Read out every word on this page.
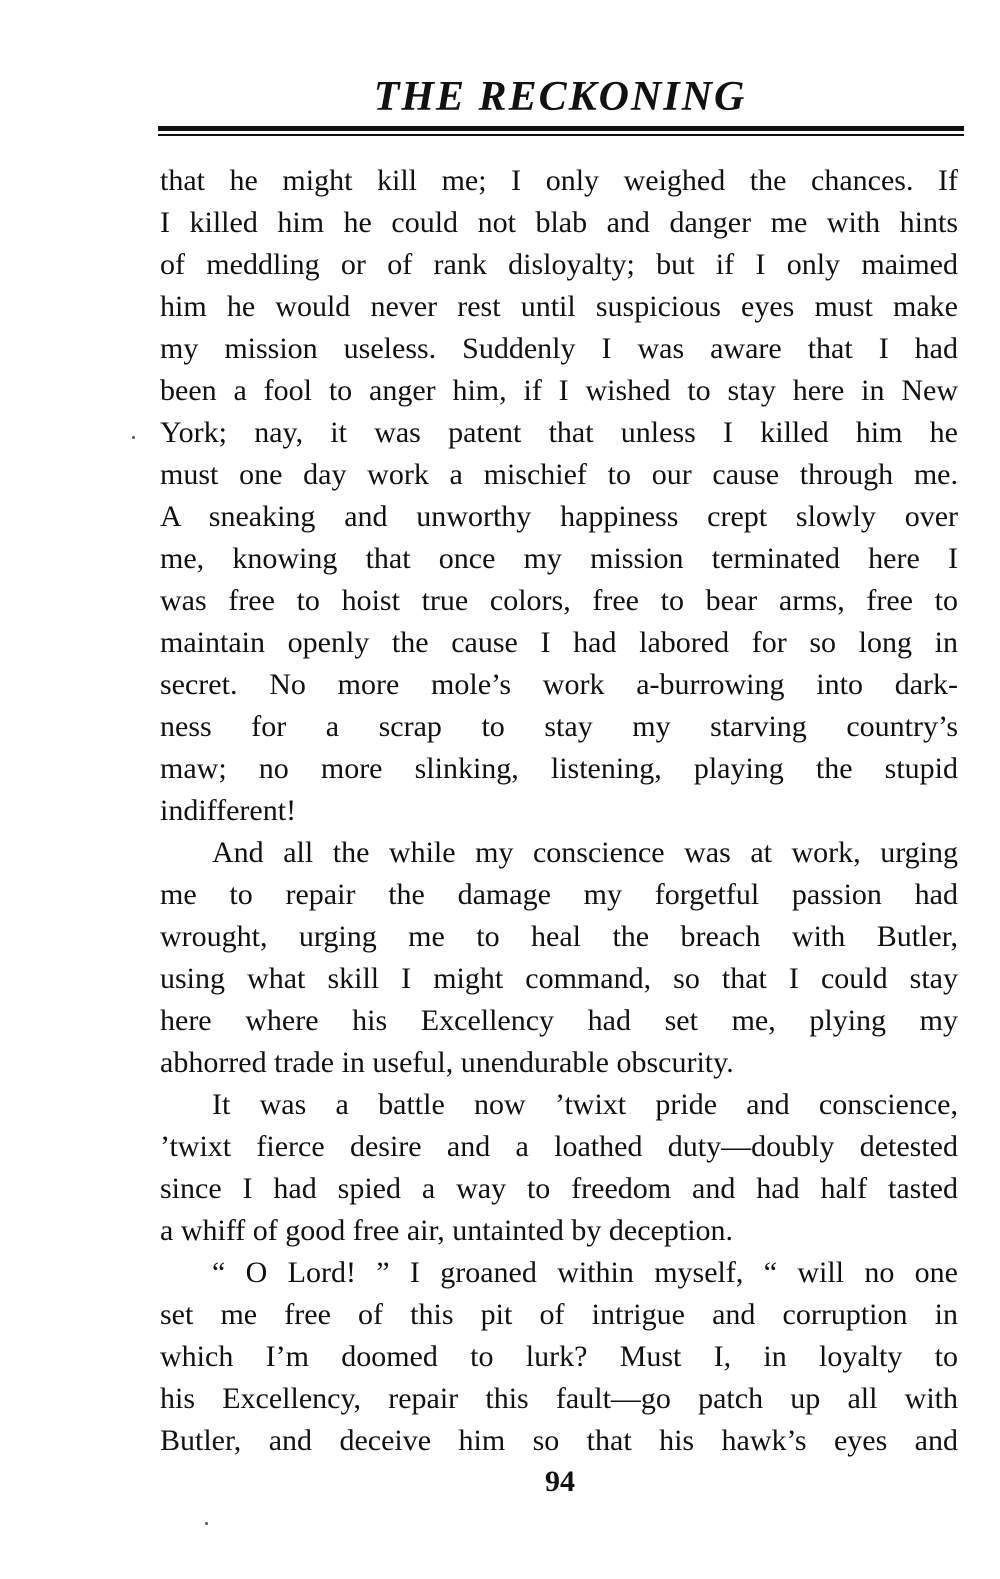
THE RECKONING
that he might kill me; I only weighed the chances. If
I killed him he could not blab and danger me with hints
of meddling or of rank disloyalty; but if I only maimed
him he would never rest until suspicious eyes must make
my mission useless. Suddenly I was aware that I had
been a fool to anger him, if I wished to stay here in New
York; nay, it was patent that unless I killed him he
must one day work a mischief to our cause through me.
A sneaking and unworthy happiness crept slowly over
me, knowing that once my mission terminated here I
was free to hoist true colors, free to bear arms, free to
maintain openly the cause I had labored for so long in
secret. No more mole’s work a-burrowing into dark-
ness for a scrap to stay my starving country’s
maw; no more slinking, listening, playing the stupid
indifferent!
And all the while my conscience was at work, urging
me to repair the damage my forgetful passion had
wrought, urging me to heal the breach with Butler,
using what skill I might command, so that I could stay
here where his Excellency had set me, plying my
abhorred trade in useful, unendurable obscurity.
It was a battle now ’twixt pride and conscience,
’twixt fierce desire and a loathed duty—doubly detested
since I had spied a way to freedom and had half tasted
a whiff of good free air, untainted by deception.
“ O Lord! ” I groaned within myself, “ will no one
set me free of this pit of intrigue and corruption in
which I’m doomed to lurk? Must I, in loyalty to
his Excellency, repair this fault—go patch up all with
Butler, and deceive him so that his hawk’s eyes and
94
